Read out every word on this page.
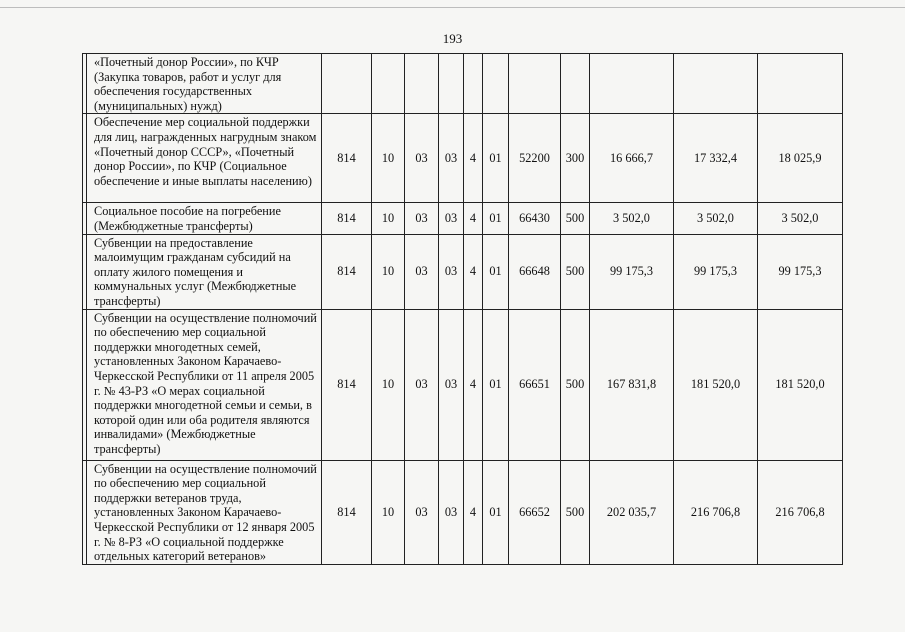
193
	«Почетный донор России», по КЧР (Закупка товаров, работ и услуг для обеспечения государственных (муниципальных) нужд)											
	Обеспечение мер социальной поддержки для лиц, награжденных нагрудным знаком «Почетный донор СССР», «Почетный донор России», по КЧР (Социальное обеспечение и иные выплаты населению)	814	10	03	03	4	01	52200	300	16 666,7	17 332,4	18 025,9
	Социальное пособие на погребение (Межбюджетные трансферты)	814	10	03	03	4	01	66430	500	3 502,0	3 502,0	3 502,0
	Субвенции на предоставление малоимущим гражданам субсидий на оплату жилого помещения и коммунальных услуг (Межбюджетные трансферты)	814	10	03	03	4	01	66648	500	99 175,3	99 175,3	99 175,3
	Субвенции на осуществление полномочий по обеспечению мер социальной поддержки многодетных семей, установленных Законом Карачаево-Черкесской Республики от 11 апреля 2005 г. № 43-РЗ «О мерах социальной поддержки многодетной семьи и семьи, в которой один или оба родителя являются инвалидами» (Межбюджетные трансферты)	814	10	03	03	4	01	66651	500	167 831,8	181 520,0	181 520,0
	Субвенции на осуществление полномочий по обеспечению мер социальной поддержки ветеранов труда, установленных Законом Карачаево-Черкесской Республики от 12 января 2005 г. № 8-РЗ «О социальной поддержке отдельных категорий ветеранов»	814	10	03	03	4	01	66652	500	202 035,7	216 706,8	216 706,8
